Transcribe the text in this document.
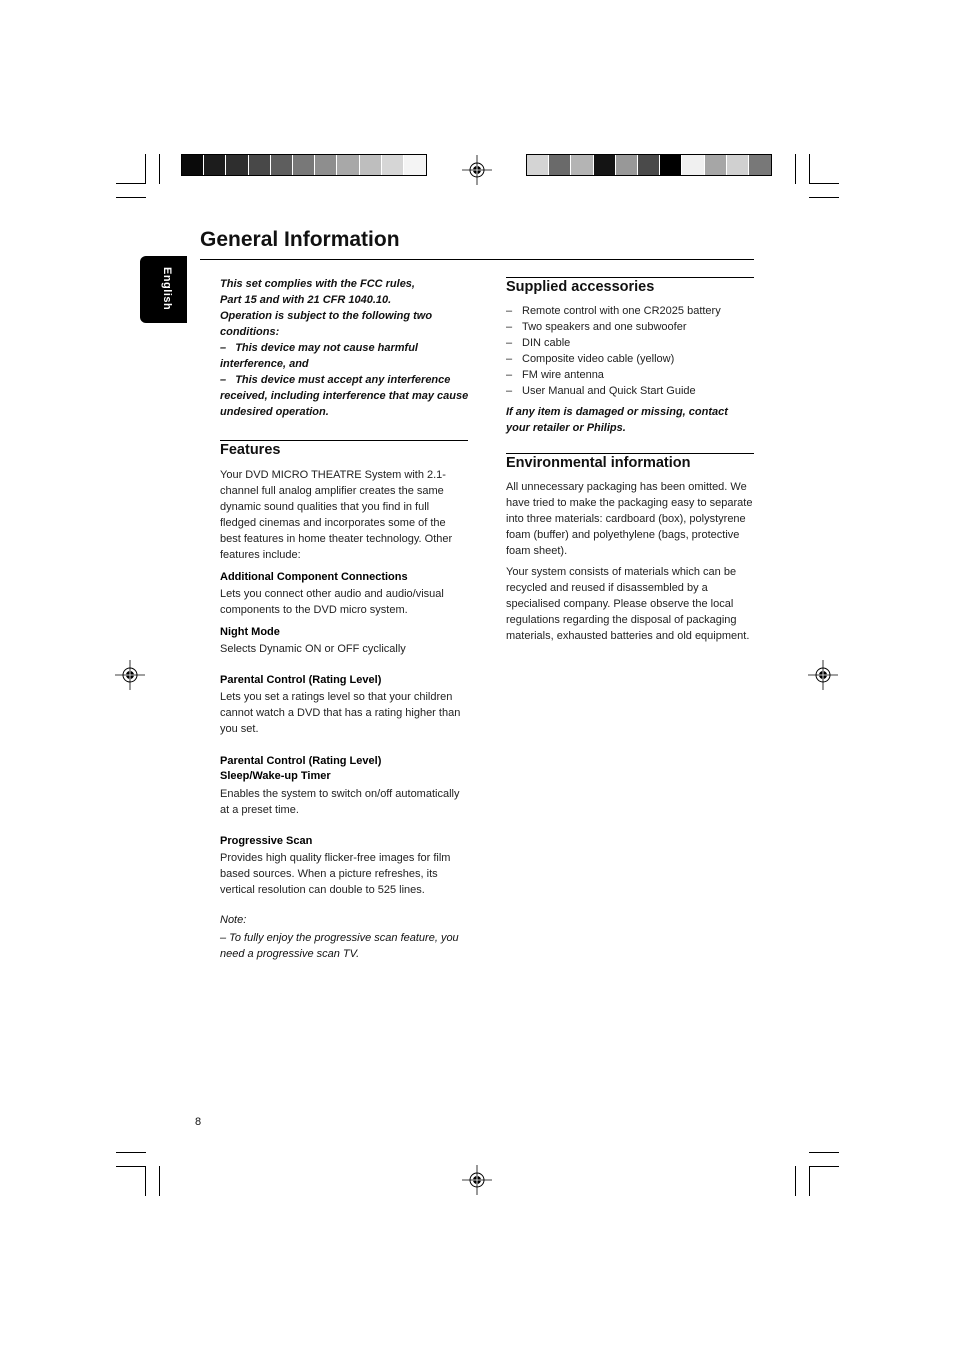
General Information
English	This set complies with the FCC rules,

Part 15 and with 21 CFR 1040.10.

Operation is subject to the following two conditions:

– This device may not cause harmful interference, and

– This device must accept any interference received, including interference that may cause undesired operation.

Features

Your DVD MICRO THEATRE System with 2.1-channel full analog amplifier creates the same dynamic sound qualities that you find in full fledged cinemas and incorporates some of the best features in home theater technology. Other features include:

Additional Component Connections

Lets you connect other audio and audio/visual components to the DVD micro system.

Night Mode

Selects Dynamic ON or OFF cyclically

Parental Control (Rating Level)

Lets you set a ratings level so that your children cannot watch a DVD that has a rating higher than you set.

Parental Control (Rating Level)
Sleep/Wake-up Timer

Enables the system to switch on/off automatically at a preset time.

Progressive Scan

Provides high quality flicker-free images for film based sources. When a picture refreshes, its vertical resolution can double to 525 lines.

Note:

– To fully enjoy the progressive scan feature, you need a progressive scan TV.

Supplied accessories
– Remote control with one CR2025 battery
– Two speakers and one subwoofer
– DIN cable
– Composite video cable (yellow)
– FM wire antenna
– User Manual and Quick Start Guide

If any item is damaged or missing, contact your retailer or Philips.

Environmental information

All unnecessary packaging has been omitted. We have tried to make the packaging easy to separate into three materials: cardboard (box), polystyrene foam (buffer) and polyethylene (bags, protective foam sheet).

Your system consists of materials which can be recycled and reused if disassembled by a specialised company. Please observe the local regulations regarding the disposal of packaging materials, exhausted batteries and old equipment.

8
